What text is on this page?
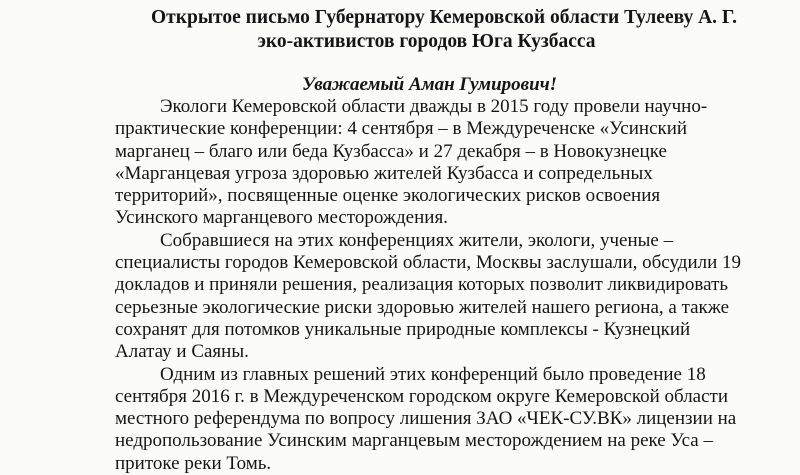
Открытое письмо Губернатору Кемеровской области Тулееву А. Г.
эко-активистов городов Юга Кузбасса
Уважаемый Аман Гумирович!
Экологи Кемеровской области дважды в 2015 году провели научно-
практические конференции: 4 сентября – в Междуреченске «Усинский
марганец – благо или беда Кузбасса» и 27 декабря – в Новокузнецке
«Марганцевая угроза здоровью жителей Кузбасса и сопредельных
территорий», посвященные оценке экологических рисков освоения
Усинского марганцевого месторождения.
Собравшиеся на этих конференциях жители, экологи, ученые –
специалисты городов Кемеровской области, Москвы заслушали, обсудили 19
докладов и приняли решения, реализация которых позволит ликвидировать
серьезные экологические риски здоровью жителей нашего региона, а также
сохранят для потомков уникальные природные комплексы - Кузнецкий
Алатау и Саяны.
Одним из главных решений этих конференций было проведение 18
сентября 2016 г. в Междуреченском городском округе Кемеровской области
местного референдума по вопросу лишения ЗАО «ЧЕК-СУ.ВК» лицензии на
недропользование Усинским марганцевым месторождением на реке Уса –
притоке реки Томь.
